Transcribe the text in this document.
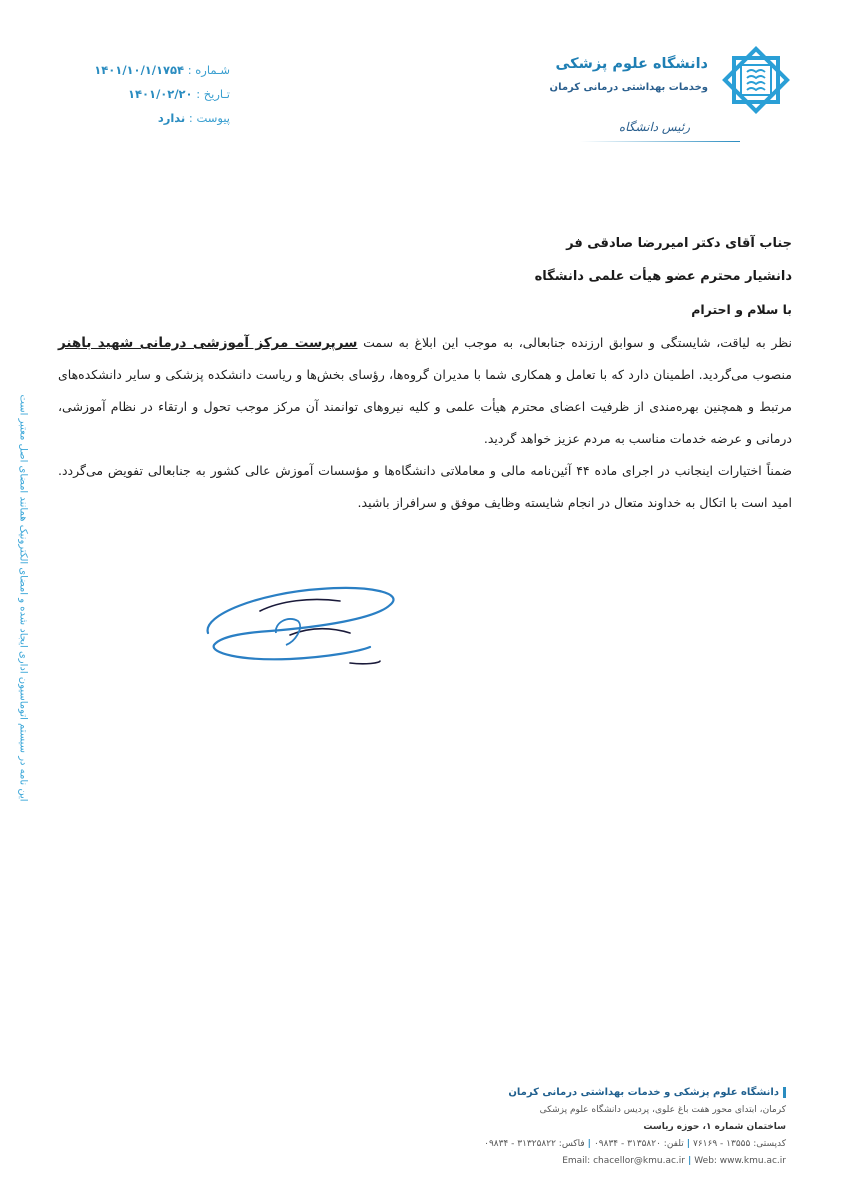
شـماره : ۱۴۰۱/۱۰/۱/۱۷۵۴
تـاریخ : ۱۴۰۱/۰۲/۲۰
پیوست : ندارد
دانشگاه علوم پزشکی
وخدمات بهداشتی درمانی کرمان
رئیس دانشگاه

جناب آقای دکتر امیررضا صادقی فر

دانشیار محترم عضو هیأت علمی دانشگاه

با سلام و احترام

نظر به لیاقت، شایستگی و سوابق ارزنده جنابعالی، به موجب این ابلاغ به سمت سرپرست مرکز آموزشی درمانی شهید باهنر منصوب می‌گردید. اطمینان دارد که با تعامل و همکاری شما با مدیران گروه‌ها، رؤسای بخش‌ها و ریاست دانشکده پزشکی و سایر دانشکده‌های مرتبط و همچنین بهره‌مندی از ظرفیت اعضای محترم هیأت علمی و کلیه نیروهای توانمند آن مرکز موجب تحول و ارتقاء در نظام آموزشی، درمانی و عرضه خدمات مناسب به مردم عزیز خواهد گردید.

ضمناً اختیارات اینجانب در اجرای ماده ۴۴ آئین‌نامه مالی و معاملاتی دانشگاه‌ها و مؤسسات آموزش عالی کشور به جنابعالی تفویض می‌گردد. امید است با اتکال به خداوند متعال در انجام شایسته وظایف موفق و سرافراز باشید.

این نامه در سیستم اتوماسیون اداری ایجاد شده و امضای الکترونیک همانند امضای اصل معتبر است
دانشگاه علوم پزشکی و خدمات بهداشتی درمانی کرمان
کرمان، ابتدای محور هفت باغ علوی، پردیس دانشگاه علوم پزشکی
ساختمان شماره ۱، حوزه ریاست
کدپستی: ۱۳۵۵۵ - ۷۶۱۶۹|تلفن: ۳۱۳۵۸۲۰ - ۰۹۸۳۴|فاکس: ۳۱۳۲۵۸۲۲ - ۰۹۸۳۴
Email: chacellor@kmu.ac.ir | Web: www.kmu.ac.ir
